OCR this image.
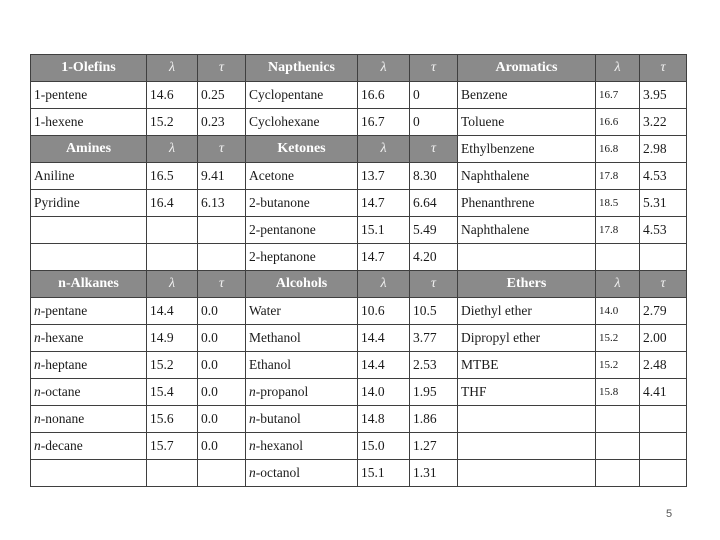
1-Olefins	λ	τ	Napthenics	λ	τ	Aromatics	λ	τ
1-pentene	14.6	0.25	Cyclopentane	16.6	0	Benzene	16.7	3.95
1-hexene	15.2	0.23	Cyclohexane	16.7	0	Toluene	16.6	3.22
Amines	λ	τ	Ketones	λ	τ	Ethylbenzene	16.8	2.98
Aniline	16.5	9.41	Acetone	13.7	8.30	Naphthalene	17.8	4.53
Pyridine	16.4	6.13	2-butanone	14.7	6.64	Phenanthrene	18.5	5.31
			2-pentanone	15.1	5.49	Naphthalene	17.8	4.53
			2-heptanone	14.7	4.20			
n-Alkanes	λ	τ	Alcohols	λ	τ	Ethers	λ	τ
n-pentane	14.4	0.0	Water	10.6	10.5	Diethyl ether	14.0	2.79
n-hexane	14.9	0.0	Methanol	14.4	3.77	Dipropyl ether	15.2	2.00
n-heptane	15.2	0.0	Ethanol	14.4	2.53	MTBE	15.2	2.48
n-octane	15.4	0.0	n-propanol	14.0	1.95	THF	15.8	4.41
n-nonane	15.6	0.0	n-butanol	14.8	1.86			
n-decane	15.7	0.0	n-hexanol	15.0	1.27			
			n-octanol	15.1	1.31			
5
